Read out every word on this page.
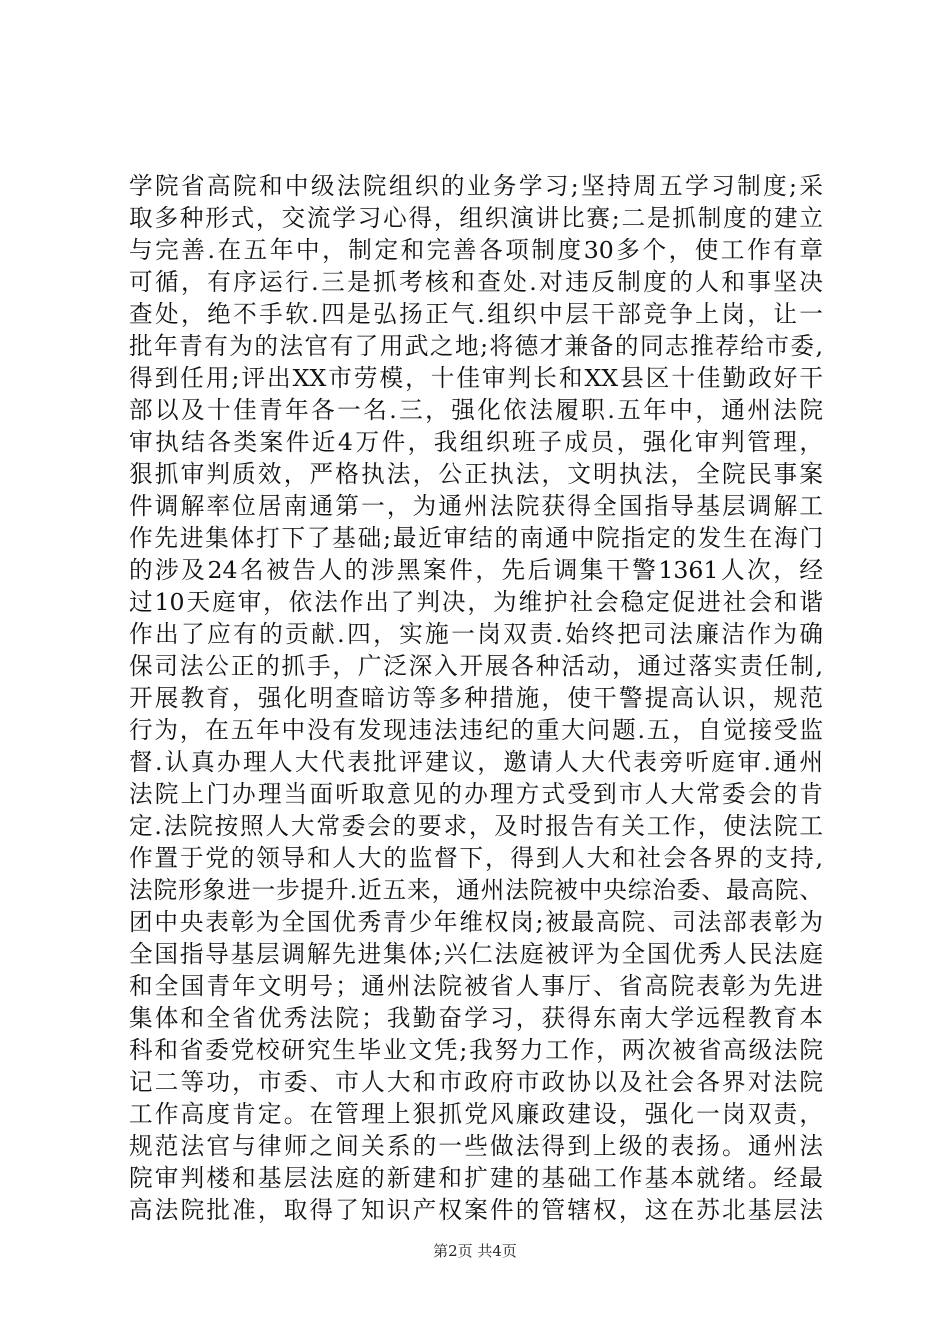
学院省高院和中级法院组织的业务学习;坚持周五学习制度;采
取多种形式，交流学习心得，组织演讲比赛;二是抓制度的建立
与完善.在五年中，制定和完善各项制度30多个，使工作有章
可循，有序运行.三是抓考核和查处.对违反制度的人和事坚决
查处，绝不手软.四是弘扬正气.组织中层干部竞争上岗，让一
批年青有为的法官有了用武之地;将德才兼备的同志推荐给市委,
得到任用;评出XX市劳模，十佳审判长和XX县区十佳勤政好干
部以及十佳青年各一名.三，强化依法履职.五年中，通州法院
审执结各类案件近4万件，我组织班子成员，强化审判管理，
狠抓审判质效，严格执法，公正执法，文明执法，全院民事案
件调解率位居南通第一，为通州法院获得全国指导基层调解工
作先进集体打下了基础;最近审结的南通中院指定的发生在海门
的涉及24名被告人的涉黑案件，先后调集干警1361人次，经
过10天庭审，依法作出了判决，为维护社会稳定促进社会和谐
作出了应有的贡献.四，实施一岗双责.始终把司法廉洁作为确
保司法公正的抓手，广泛深入开展各种活动，通过落实责任制,
开展教育，强化明查暗访等多种措施，使干警提高认识，规范
行为，在五年中没有发现违法违纪的重大问题.五，自觉接受监
督.认真办理人大代表批评建议，邀请人大代表旁听庭审.通州
法院上门办理当面听取意见的办理方式受到市人大常委会的肯
定.法院按照人大常委会的要求，及时报告有关工作，使法院工
作置于党的领导和人大的监督下，得到人大和社会各界的支持,
法院形象进一步提升.近五来，通州法院被中央综治委、最高院、
团中央表彰为全国优秀青少年维权岗;被最高院、司法部表彰为
全国指导基层调解先进集体;兴仁法庭被评为全国优秀人民法庭
和全国青年文明号；通州法院被省人事厅、省高院表彰为先进
集体和全省优秀法院；我勤奋学习，获得东南大学远程教育本
科和省委党校研究生毕业文凭;我努力工作，两次被省高级法院
记二等功，市委、市人大和市政府市政协以及社会各界对法院
工作高度肯定。在管理上狠抓党风廉政建设，强化一岗双责，
规范法官与律师之间关系的一些做法得到上级的表扬。通州法
院审判楼和基层法庭的新建和扩建的基础工作基本就绪。经最
高法院批准，取得了知识产权案件的管辖权，这在苏北基层法
第2页 共4页
